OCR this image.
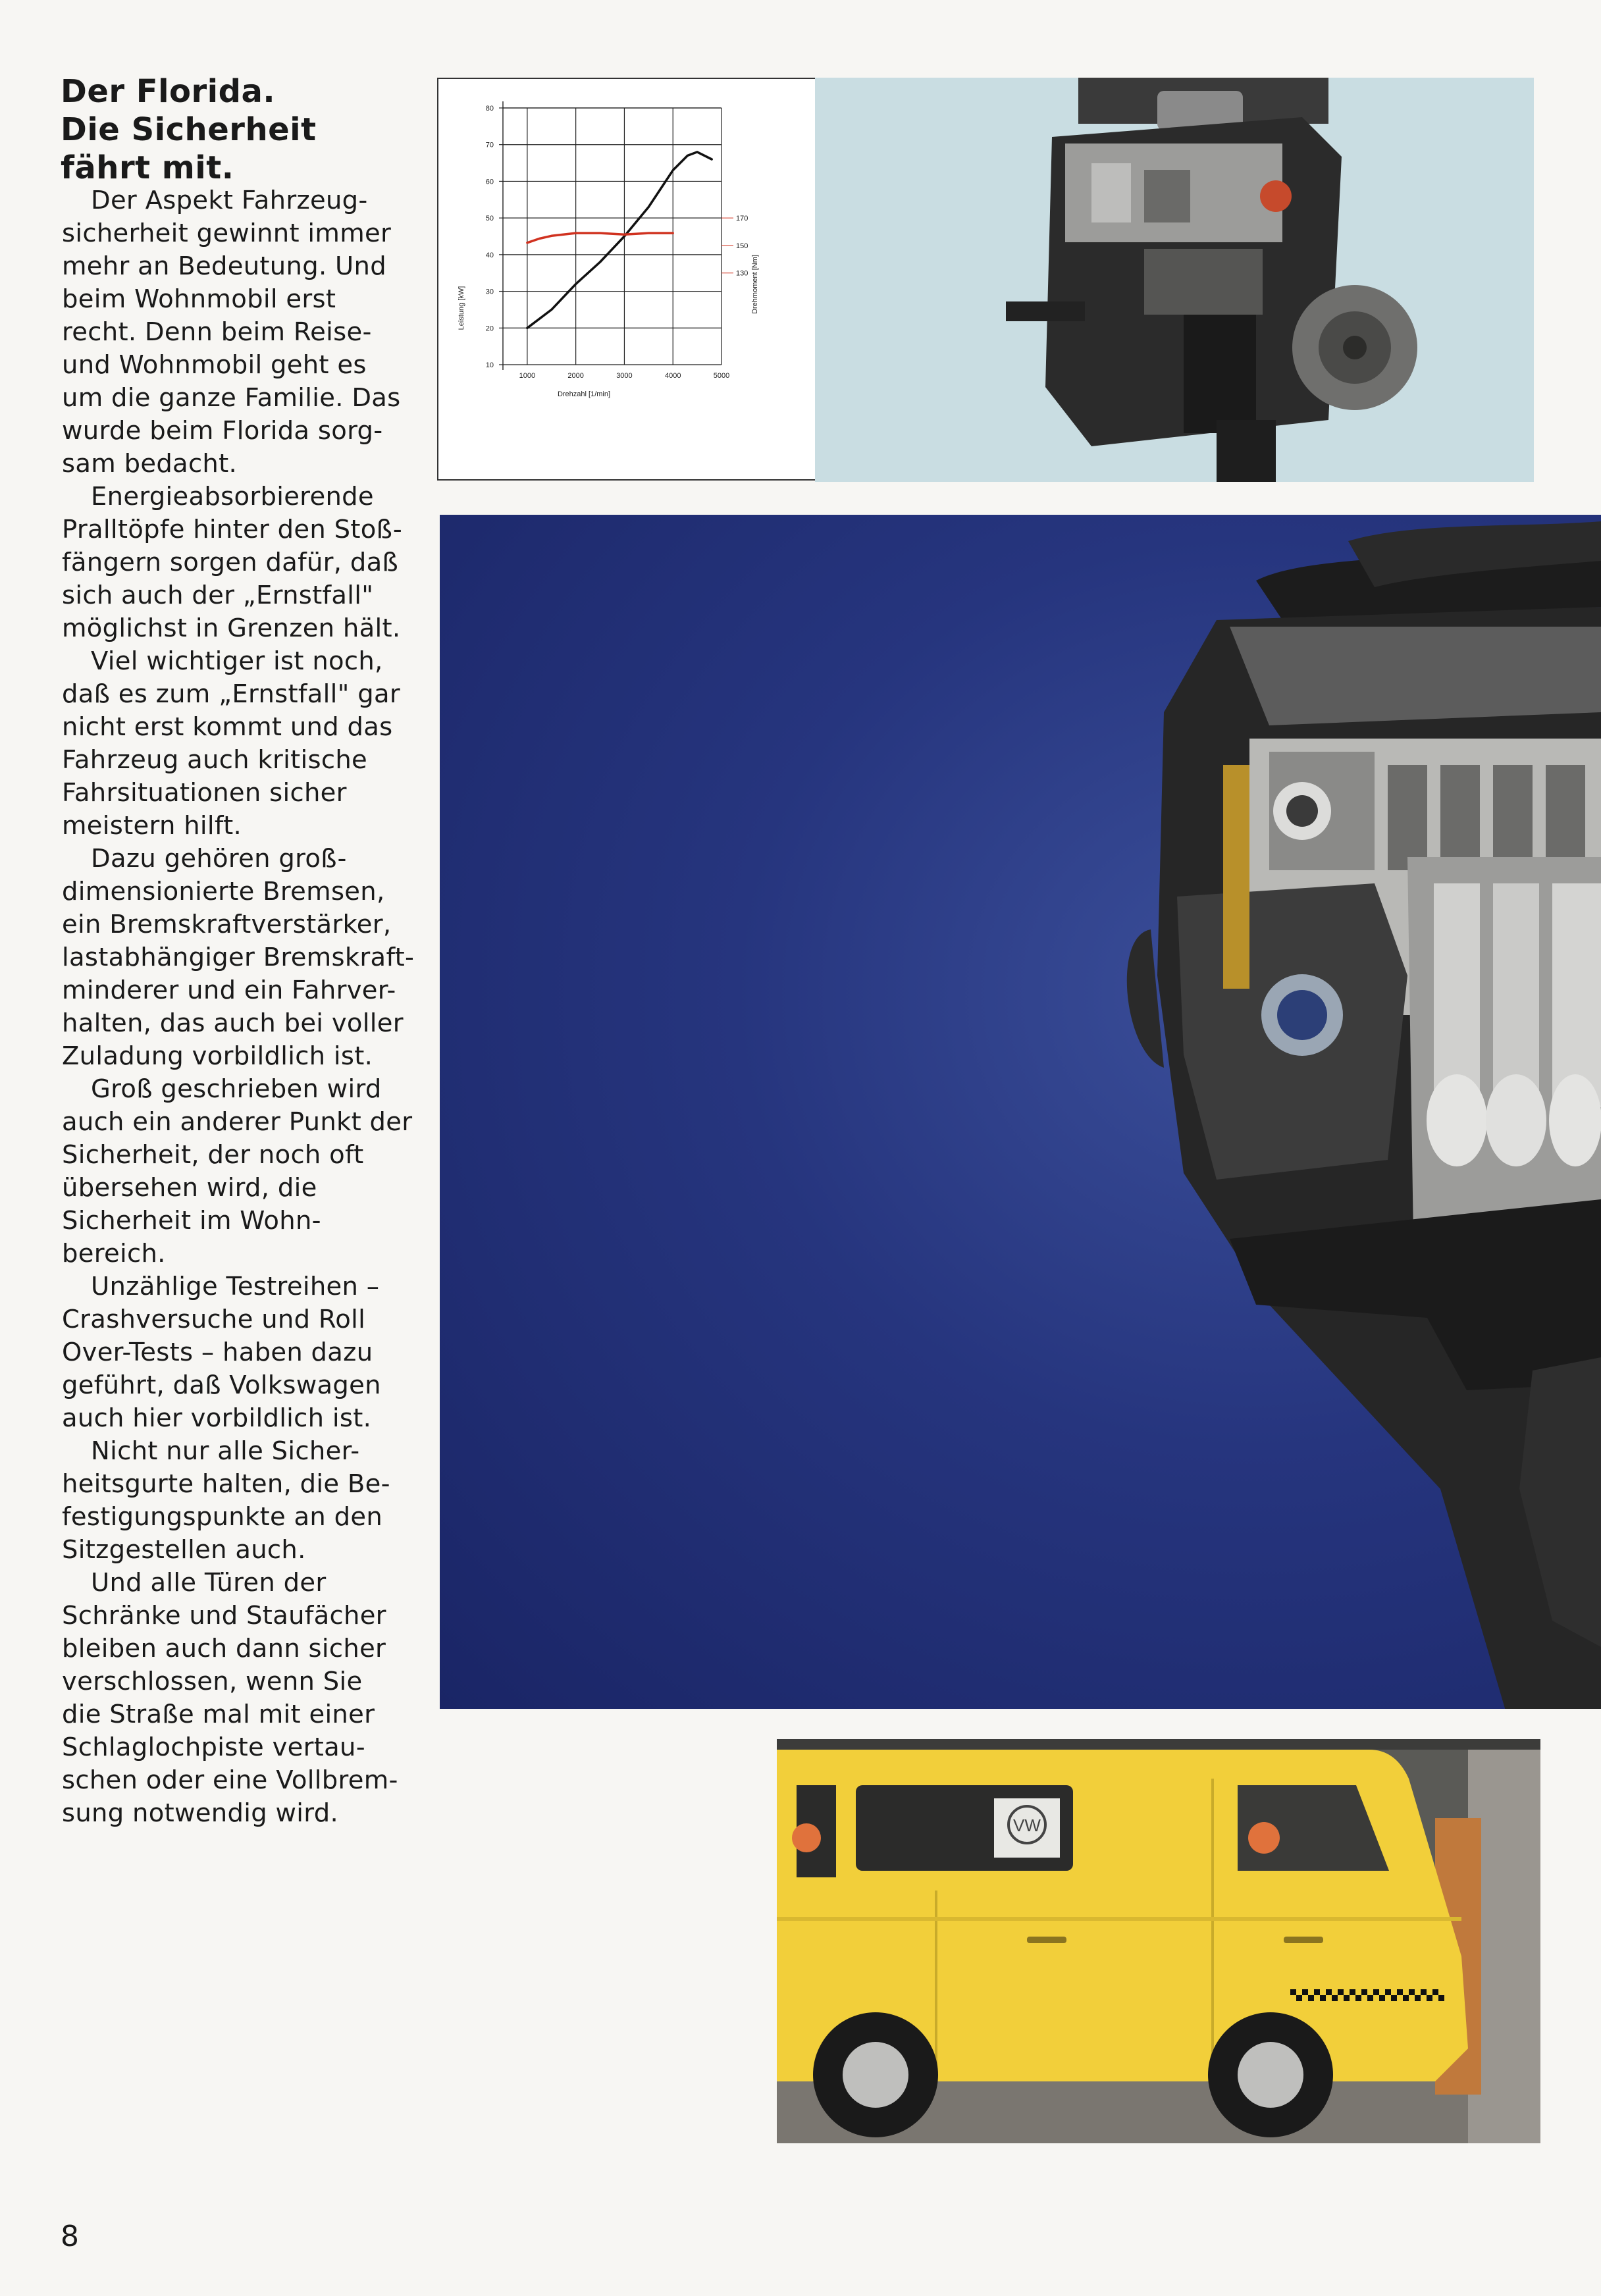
Der Florida.
Die Sicherheit
fährt mit.
Der Aspekt Fahrzeug-
sicherheit gewinnt immer
mehr an Bedeutung. Und
beim Wohnmobil erst
recht. Denn beim Reise-
und Wohnmobil geht es
um die ganze Familie. Das
wurde beim Florida sorg-
sam bedacht.
Energieabsorbierende
Pralltöpfe hinter den Stoß-
fängern sorgen dafür, daß
sich auch der „Ernstfall"
möglichst in Grenzen hält.
Viel wichtiger ist noch,
daß es zum „Ernstfall" gar
nicht erst kommt und das
Fahrzeug auch kritische
Fahrsituationen sicher
meistern hilft.
Dazu gehören groß-
dimensionierte Bremsen,
ein Bremskraftverstärker,
lastabhängiger Bremskraft-
minderer und ein Fahrver-
halten, das auch bei voller
Zuladung vorbildlich ist.
Groß geschrieben wird
auch ein anderer Punkt der
Sicherheit, der noch oft
übersehen wird, die
Sicherheit im Wohn-
bereich.
Unzählige Testreihen –
Crashversuche und Roll
Over-Tests – haben dazu
geführt, daß Volkswagen
auch hier vorbildlich ist.
Nicht nur alle Sicher-
heitsgurte halten, die Be-
festigungspunkte an den
Sitzgestellen auch.
Und alle Türen der
Schränke und Staufächer
bleiben auch dann sicher
verschlossen, wenn Sie
die Straße mal mit einer
Schlaglochpiste vertau-
schen oder eine Vollbrem-
sung notwendig wird.
10
20
30
40
50
60
70
80
1000	2000	3000	4000	5000
130
150
170
Drehzahl [1/min]
Leistung [kW]	Drehmoment [Nm]
VW
8
